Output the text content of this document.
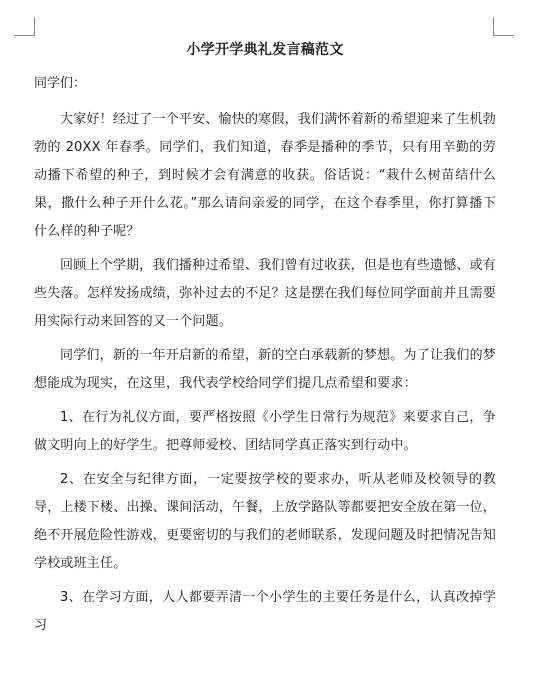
小学开学典礼发言稿范文
同学们：

大家好！经过了一个平安、愉快的寒假，我们满怀着新的希望迎来了生机勃勃的 20XX 年春季。同学们，我们知道，春季是播种的季节，只有用辛勤的劳动播下希望的种子，到时候才会有满意的收获。俗话说：“栽什么树苗结什么果，撒什么种子开什么花。”那么请问亲爱的同学，在这个春季里，你打算播下什么样的种子呢？

回顾上个学期，我们播种过希望、我们曾有过收获，但是也有些遗憾、或有些失落。怎样发扬成绩，弥补过去的不足？这是摆在我们每位同学面前并且需要用实际行动来回答的又一个问题。

同学们，新的一年开启新的希望，新的空白承载新的梦想。为了让我们的梦想能成为现实，在这里，我代表学校给同学们提几点希望和要求：

1、在行为礼仪方面，要严格按照《小学生日常行为规范》来要求自己，争做文明向上的好学生。把尊师爱校、团结同学真正落实到行动中。

2、在安全与纪律方面，一定要按学校的要求办，听从老师及校领导的教导，上楼下楼、出操、课间活动，午餐，上放学路队等都要把安全放在第一位，绝不开展危险性游戏，更要密切的与我们的老师联系，发现问题及时把情况告知学校或班主任。

3、在学习方面，人人都要弄清一个小学生的主要任务是什么，认真改掉学习
